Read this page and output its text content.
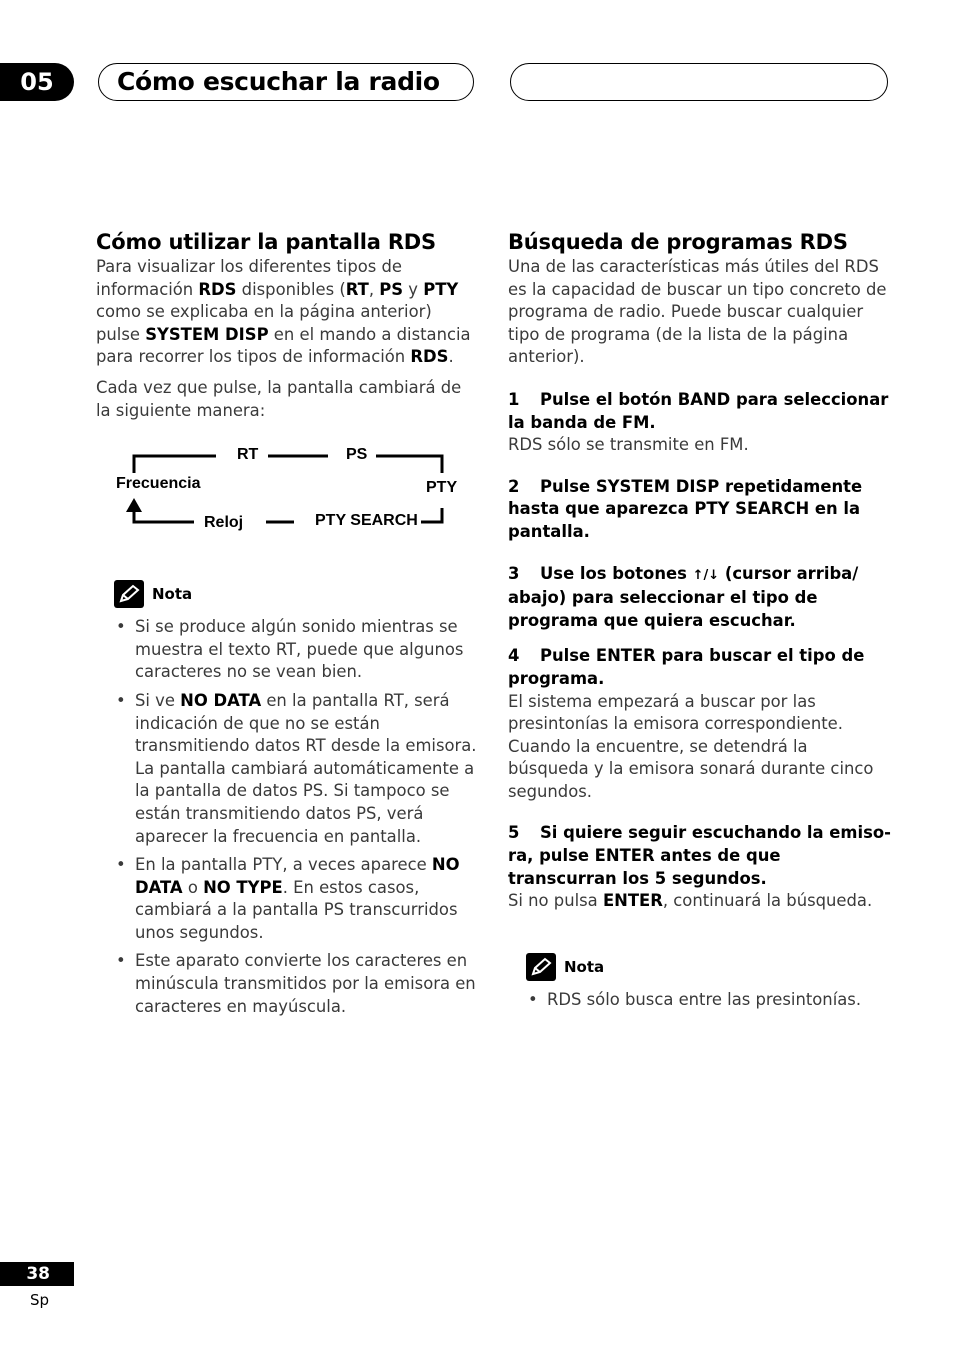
05	Cómo escuchar la radio
Cómo utilizar la pantalla RDS

Para visualizar los diferentes tipos de información RDS disponibles (RT, PS y PTY como se explicaba en la página anterior) pulse SYSTEM DISP en el mando a distancia para recorrer los tipos de información RDS.

Cada vez que pulse, la pantalla cambiará de la siguiente manera:

RT	PS
PTY
PTY SEARCH
Reloj
Frecuencia
Nota
• Si se produce algún sonido mientras se muestra el texto RT, puede que algunos caracteres no se vean bien.
• Si ve NO DATA en la pantalla RT, será indicación de que no se están transmitiendo datos RT desde la emisora. La pantalla cambiará automáticamente a la pantalla de datos PS. Si tampoco se están transmitiendo datos PS, verá aparecer la frecuencia en pantalla.
• En la pantalla PTY, a veces aparece NO DATA o NO TYPE. En estos casos, cambiará a la pantalla PS transcurridos unos segundos.
• Este aparato convierte los caracteres en minúscula transmitidos por la emisora en caracteres en mayúscula.
Búsqueda de programas RDS

Una de las características más útiles del RDS es la capacidad de buscar un tipo concreto de programa de radio. Puede buscar cualquier tipo de programa (de la lista de la página anterior).

1 Pulse el botón BAND para seleccionar la banda de FM.

RDS sólo se transmite en FM.

2 Pulse SYSTEM DISP repetidamente hasta que aparezca PTY SEARCH en la pantalla.
3 Use los botones ↑/↓ (cursor arriba/ abajo) para seleccionar el tipo de programa que quiera escuchar.
4 Pulse ENTER para buscar el tipo de programa.

El sistema empezará a buscar por las presintonías la emisora correspondiente. Cuando la encuentre, se detendrá la búsqueda y la emisora sonará durante cinco segundos.

5 Si quiere seguir escuchando la emiso-ra, pulse ENTER antes de que transcurran los 5 segundos.

Si no pulsa ENTER, continuará la búsqueda.

Nota
• RDS sólo busca entre las presintonías.
38
Sp
